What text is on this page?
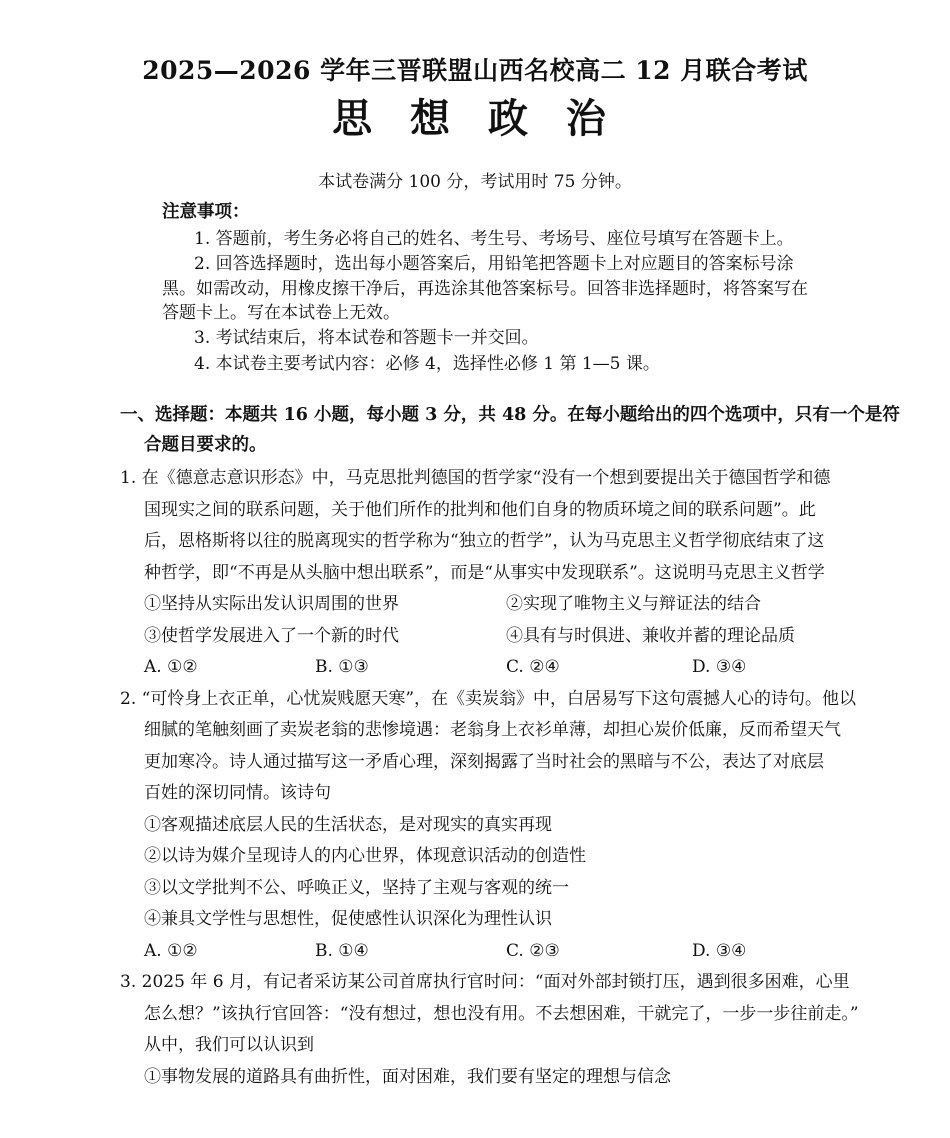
2025—2026 学年三晋联盟山西名校高二 12 月联合考试
思 想 政 治
本试卷满分 100 分，考试用时 75 分钟。
注意事项：
1. 答题前，考生务必将自己的姓名、考生号、考场号、座位号填写在答题卡上。
2. 回答选择题时，选出每小题答案后，用铅笔把答题卡上对应题目的答案标号涂
黑。如需改动，用橡皮擦干净后，再选涂其他答案标号。回答非选择题时，将答案写在
答题卡上。写在本试卷上无效。
3. 考试结束后，将本试卷和答题卡一并交回。
4. 本试卷主要考试内容：必修 4，选择性必修 1 第 1—5 课。
一、选择题：本题共 16 小题，每小题 3 分，共 48 分。在每小题给出的四个选项中，只有一个是符
合题目要求的。
1. 在《德意志意识形态》中，马克思批判德国的哲学家“没有一个想到要提出关于德国哲学和德
国现实之间的联系问题，关于他们所作的批判和他们自身的物质环境之间的联系问题”。此
后，恩格斯将以往的脱离现实的哲学称为“独立的哲学”，认为马克思主义哲学彻底结束了这
种哲学，即“不再是从头脑中想出联系”，而是“从事实中发现联系”。这说明马克思主义哲学
①坚持从实际出发认识周围的世界	②实现了唯物主义与辩证法的结合
③使哲学发展进入了一个新的时代	④具有与时俱进、兼收并蓄的理论品质
A. ①②	B. ①③	C. ②④	D. ③④
2. “可怜身上衣正单，心忧炭贱愿天寒”，在《卖炭翁》中，白居易写下这句震撼人心的诗句。他以
细腻的笔触刻画了卖炭老翁的悲惨境遇：老翁身上衣衫单薄，却担心炭价低廉，反而希望天气
更加寒冷。诗人通过描写这一矛盾心理，深刻揭露了当时社会的黑暗与不公，表达了对底层
百姓的深切同情。该诗句
①客观描述底层人民的生活状态，是对现实的真实再现
②以诗为媒介呈现诗人的内心世界，体现意识活动的创造性
③以文学批判不公、呼唤正义，坚持了主观与客观的统一
④兼具文学性与思想性，促使感性认识深化为理性认识
A. ①②	B. ①④	C. ②③	D. ③④
3. 2025 年 6 月，有记者采访某公司首席执行官时问：“面对外部封锁打压，遇到很多困难，心里
怎么想？”该执行官回答：“没有想过，想也没有用。不去想困难，干就完了，一步一步往前走。”
从中，我们可以认识到
①事物发展的道路具有曲折性，面对困难，我们要有坚定的理想与信念
